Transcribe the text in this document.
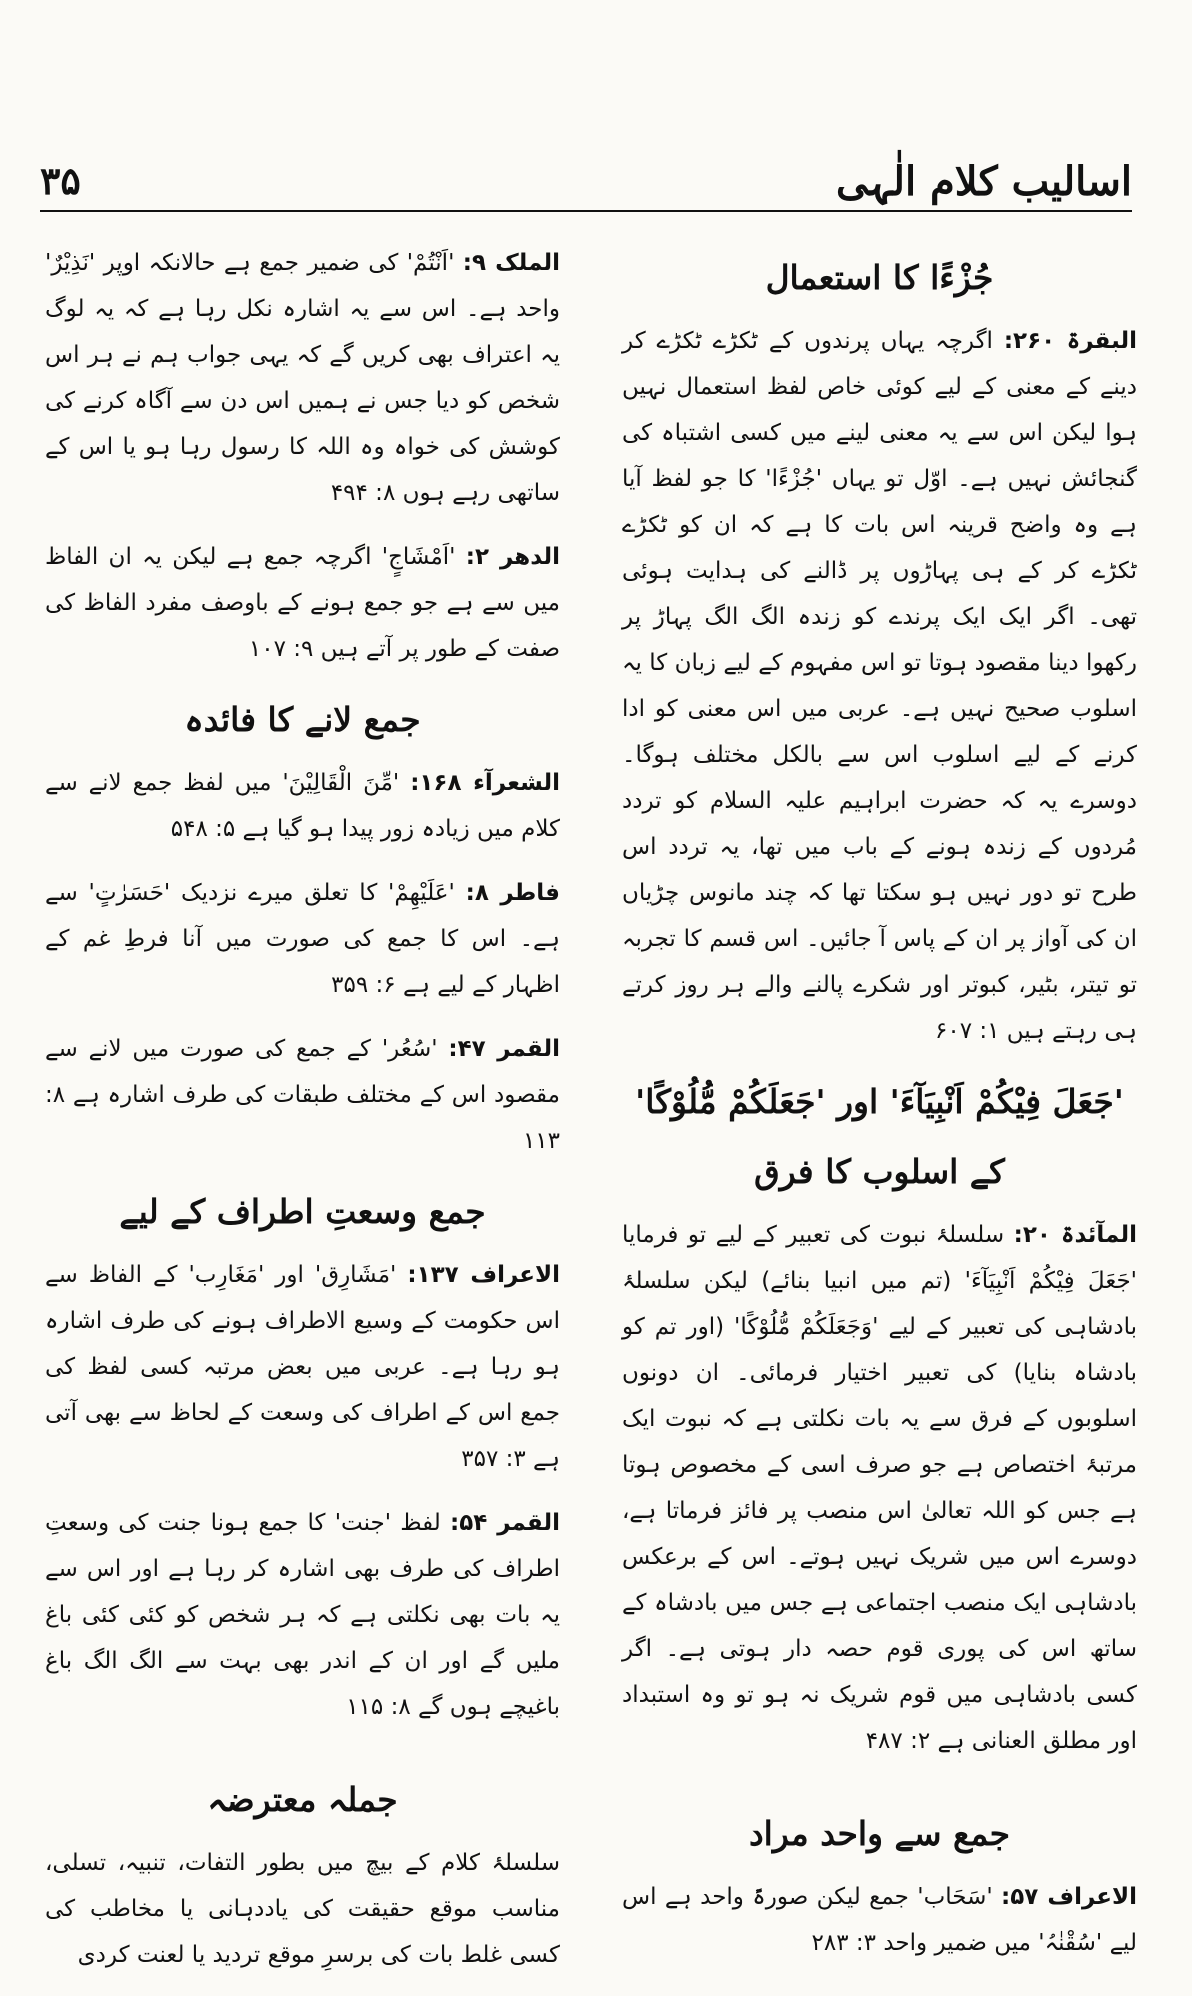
اسالیب کلام الٰہی
۳۵
جُزْءًا کا استعمال

البقرۃ ۲۶۰: اگرچہ یہاں پرندوں کے ٹکڑے ٹکڑے کر دینے کے معنی کے لیے کوئی خاص لفظ استعمال نہیں ہوا لیکن اس سے یہ معنی لینے میں کسی اشتباہ کی گنجائش نہیں ہے۔ اوّل تو یہاں 'جُزْءًا' کا جو لفظ آیا ہے وہ واضح قرینہ اس بات کا ہے کہ ان کو ٹکڑے ٹکڑے کر کے ہی پہاڑوں پر ڈالنے کی ہدایت ہوئی تھی۔ اگر ایک ایک پرندے کو زندہ الگ الگ پہاڑ پر رکھوا دینا مقصود ہوتا تو اس مفہوم کے لیے زبان کا یہ اسلوب صحیح نہیں ہے۔ عربی میں اس معنی کو ادا کرنے کے لیے اسلوب اس سے بالکل مختلف ہوگا۔ دوسرے یہ کہ حضرت ابراہیم علیہ السلام کو تردد مُردوں کے زندہ ہونے کے باب میں تھا، یہ تردد اس طرح تو دور نہیں ہو سکتا تھا کہ چند مانوس چڑیاں ان کی آواز پر ان کے پاس آ جائیں۔ اس قسم کا تجربہ تو تیتر، بٹیر، کبوتر اور شکرے پالنے والے ہر روز کرتے ہی رہتے ہیں ۱: ۶۰۷

'جَعَلَ فِیْکُمْ اَنْبِیَآءَ' اور 'جَعَلَکُمْ مُّلُوْکًا'
کے اسلوب کا فرق

المآئدۃ ۲۰: سلسلۂ نبوت کی تعبیر کے لیے تو فرمایا 'جَعَلَ فِیْکُمْ اَنْبِیَآءَ' (تم میں انبیا بنائے) لیکن سلسلۂ بادشاہی کی تعبیر کے لیے 'وَجَعَلَکُمْ مُّلُوْکًا' (اور تم کو بادشاہ بنایا) کی تعبیر اختیار فرمائی۔ ان دونوں اسلوبوں کے فرق سے یہ بات نکلتی ہے کہ نبوت ایک مرتبۂ اختصاص ہے جو صرف اسی کے مخصوص ہوتا ہے جس کو اللہ تعالیٰ اس منصب پر فائز فرماتا ہے، دوسرے اس میں شریک نہیں ہوتے۔ اس کے برعکس بادشاہی ایک منصب اجتماعی ہے جس میں بادشاہ کے ساتھ اس کی پوری قوم حصہ دار ہوتی ہے۔ اگر کسی بادشاہی میں قوم شریک نہ ہو تو وہ استبداد اور مطلق العنانی ہے ۲: ۴۸۷

جمع سے واحد مراد

الاعراف ۵۷: 'سَحَاب' جمع لیکن صورۃً واحد ہے اس لیے 'سُقْنٰہُ' میں ضمیر واحد ۳: ۲۸۳

الملک ۹: 'اَنْتُمْ' کی ضمیر جمع ہے حالانکہ اوپر 'نَذِیْرٌ' واحد ہے۔ اس سے یہ اشارہ نکل رہا ہے کہ یہ لوگ یہ اعتراف بھی کریں گے کہ یہی جواب ہم نے ہر اس شخص کو دیا جس نے ہمیں اس دن سے آگاہ کرنے کی کوشش کی خواہ وہ اللہ کا رسول رہا ہو یا اس کے ساتھی رہے ہوں ۸: ۴۹۴

الدھر ۲: 'اَمْشَاجٍ' اگرچہ جمع ہے لیکن یہ ان الفاظ میں سے ہے جو جمع ہونے کے باوصف مفرد الفاظ کی صفت کے طور پر آتے ہیں ۹: ۱۰۷

جمع لانے کا فائدہ

الشعرآء ۱۶۸: 'مِّنَ الْقَالِیْنَ' میں لفظ جمع لانے سے کلام میں زیادہ زور پیدا ہو گیا ہے ۵: ۵۴۸

فاطر ۸: 'عَلَیْھِمْ' کا تعلق میرے نزدیک 'حَسَرٰتٍ' سے ہے۔ اس کا جمع کی صورت میں آنا فرطِ غم کے اظہار کے لیے ہے ۶: ۳۵۹

القمر ۴۷: 'سُعُر' کے جمع کی صورت میں لانے سے مقصود اس کے مختلف طبقات کی طرف اشارہ ہے ۸: ۱۱۳

جمع وسعتِ اطراف کے لیے

الاعراف ۱۳۷: 'مَشَارِق' اور 'مَغَارِب' کے الفاظ سے اس حکومت کے وسیع الاطراف ہونے کی طرف اشارہ ہو رہا ہے۔ عربی میں بعض مرتبہ کسی لفظ کی جمع اس کے اطراف کی وسعت کے لحاظ سے بھی آتی ہے ۳: ۳۵۷

القمر ۵۴: لفظ 'جنت' کا جمع ہونا جنت کی وسعتِ اطراف کی طرف بھی اشارہ کر رہا ہے اور اس سے یہ بات بھی نکلتی ہے کہ ہر شخص کو کئی کئی باغ ملیں گے اور ان کے اندر بھی بہت سے الگ الگ باغ باغیچے ہوں گے ۸: ۱۱۵

جملہ معترضہ

سلسلۂ کلام کے بیچ میں بطور التفات، تنبیہ، تسلی، مناسب موقع حقیقت کی یاددہانی یا مخاطب کی کسی غلط بات کی برسرِ موقع تردید یا لعنت کردی
